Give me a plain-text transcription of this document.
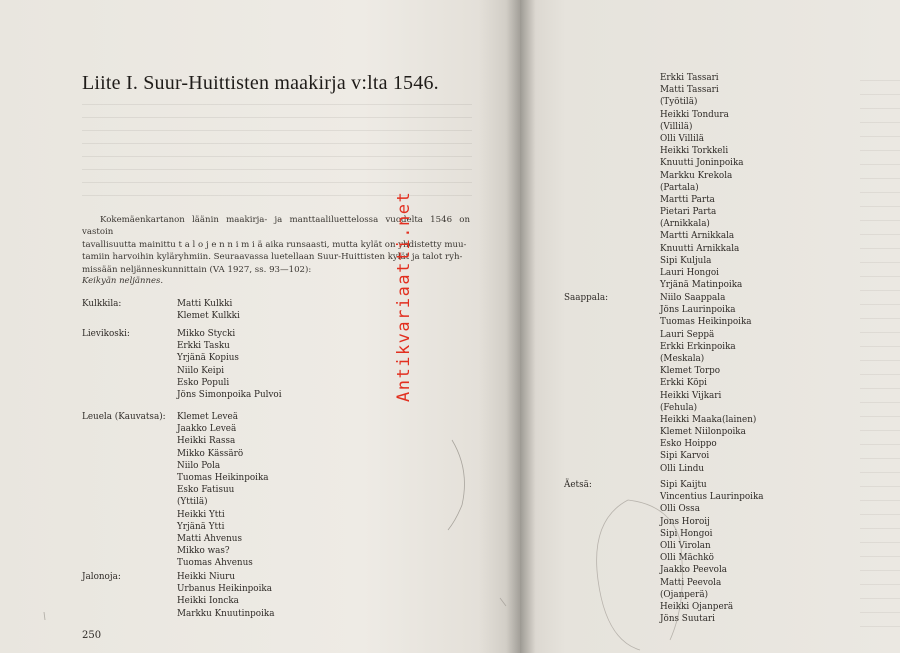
Liite I. Suur-Huittisten maakirja v:lta 1546.
Kokemäenkartanon läänin maakirja- ja manttaaliluettelossa vuodelta 1546 on vastoin
tavallisuutta mainittu t a l o j e n n i m i ä aika runsaasti, mutta kylät on yhdistetty muu-
tamiin harvoihin kyläryhmiin. Seuraavassa luetellaan Suur-Huittisten kylät ja talot ryh-
missään neljänneskunnittain (VA 1927, ss. 93—102):
Keikyän neljännes.
Kulkkila:	Matti Kulkki
Klemet Kulkki
Lievikoski:	Mikko Stycki
Erkki Tasku
Yrjänä Kopius
Niilo Keipi
Esko Populi
Jöns Simonpoika Pulvoi
Leuela (Kauvatsa):	Klemet Leveä
Jaakko Leveä
Heikki Rassa
Mikko Kässärö
Niilo Pola
Tuomas Heikinpoika
Esko Fatisuu
(Yttilä)
Heikki Ytti
Yrjänä Ytti
Matti Ahvenus
Mikko was?
Tuomas Ahvenus
Jalonoja:	Heikki Niuru
Urbanus Heikinpoika
Heikki Ioncka
Markku Knuutinpoika
250
Antikvariaatti.net
Erkki Tassari
Matti Tassari
(Työtilä)
Heikki Tondura
(Villilä)
Olli Villilä
Heikki Torkkeli
Knuutti Joninpoika
Markku Krekola
(Partala)
Martti Parta
Pietari Parta
(Arnikkala)
Martti Arnikkala
Knuutti Arnikkala
Sipi Kuljula
Lauri Hongoi
Yrjänä Matinpoika
Saappala:	Niilo Saappala
Jöns Laurinpoika
Tuomas Heikinpoika
Lauri Seppä
Erkki Erkinpoika
(Meskala)
Klemet Torpo
Erkki Köpi
Heikki Vijkari
(Fehula)
Heikki Maaka(lainen)
Klemet Niilonpoika
Esko Hoippo
Sipi Karvoi
Olli Lindu
Äetsä:	Sipi Kaijtu
Vincentius Laurinpoika
Olli Ossa
Jons Horoij
Sipi Hongoi
Olli Virolan
Olli Mächkö
Jaakko Peevola
Matti Peevola
(Ojanperä)
Heikki Ojanperä
Jöns Suutari
